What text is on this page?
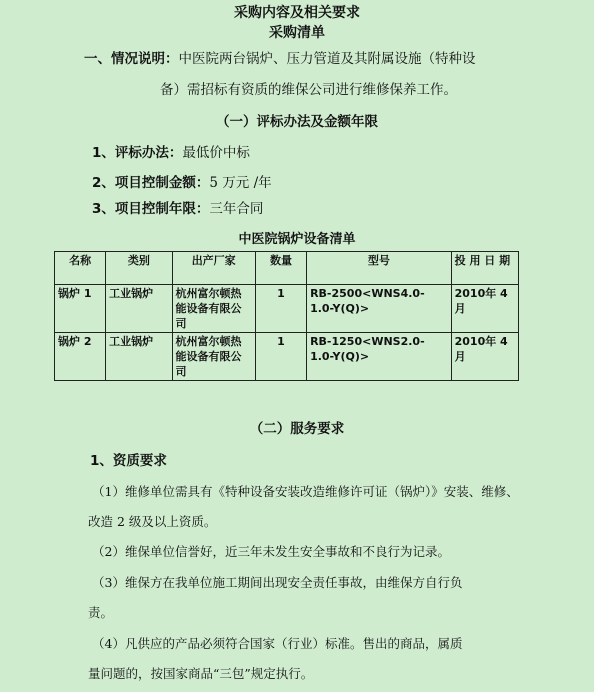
采购内容及相关要求
采购清单
一、情况说明：中医院两台锅炉、压力管道及其附属设施（特种设
备）需招标有资质的维保公司进行维修保养工作。
（一）评标办法及金额年限
1、评标办法：最低价中标
2、项目控制金额：5 万元 /年
3、项目控制年限：三年合同
中医院锅炉设备清单
名称	类别	出产厂家	数量	型号	投 用 日 期
锅炉 1	工业锅炉	杭州富尔顿热能设备有限公司	1	RB-2500<WNS4.0-1.0-Y(Q)>	2010年 4 月
锅炉 2	工业锅炉	杭州富尔顿热能设备有限公司	1	RB-1250<WNS2.0-1.0-Y(Q)>	2010年 4 月
（二）服务要求
1、资质要求
（1）维修单位需具有《特种设备安装改造维修许可证（锅炉）》安装、维修、
改造 2 级及以上资质。
（2）维保单位信誉好，近三年未发生安全事故和不良行为记录。
（3）维保方在我单位施工期间出现安全责任事故，由维保方自行负
责。
（4）凡供应的产品必须符合国家（行业）标准。售出的商品，属质
量问题的，按国家商品“三包”规定执行。
